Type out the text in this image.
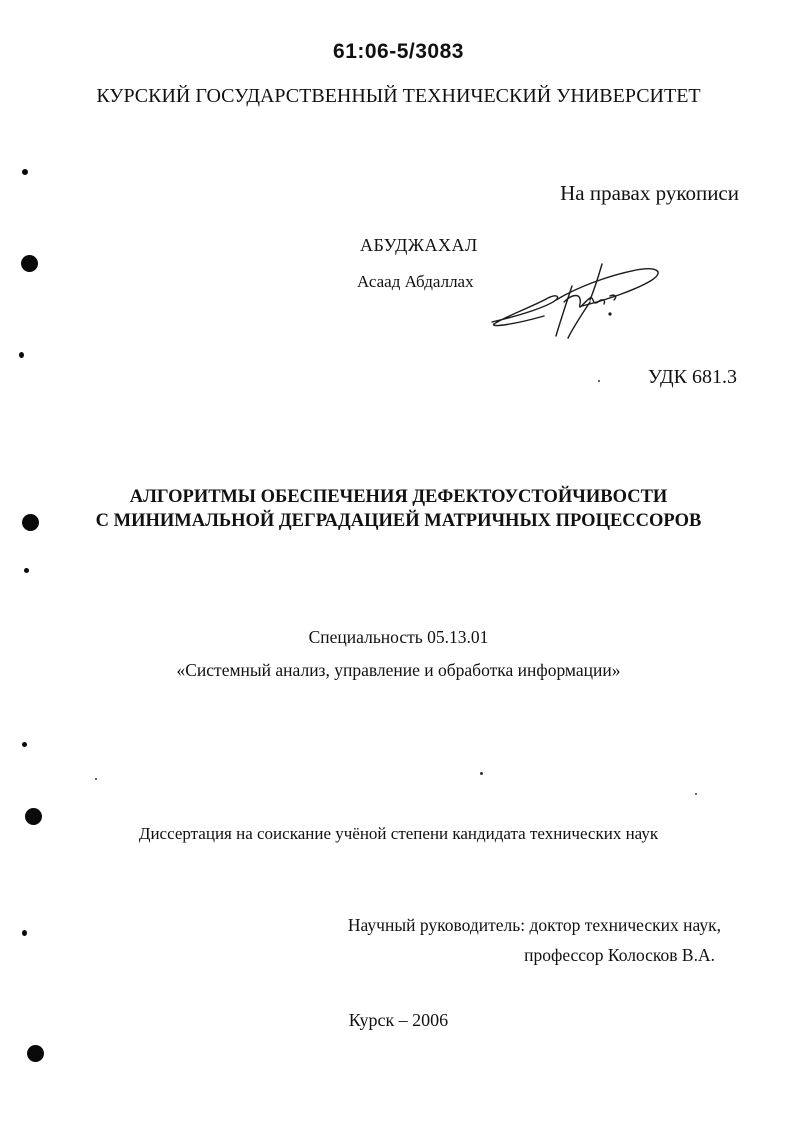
61:06-5/3083
КУРСКИЙ ГОСУДАРСТВЕННЫЙ ТЕХНИЧЕСКИЙ УНИВЕРСИТЕТ
На правах рукописи
АБУДЖАХАЛ
Асаад Абдаллах
УДК 681.3
АЛГОРИТМЫ ОБЕСПЕЧЕНИЯ ДЕФЕКТОУСТОЙЧИВОСТИ
С МИНИМАЛЬНОЙ ДЕГРАДАЦИЕЙ МАТРИЧНЫХ ПРОЦЕССОРОВ
Специальность 05.13.01
«Системный анализ, управление и обработка информации»
Диссертация на соискание учёной степени кандидата технических наук
Научный руководитель: доктор технических наук,
профессор Колосков В.А.
Курск – 2006
